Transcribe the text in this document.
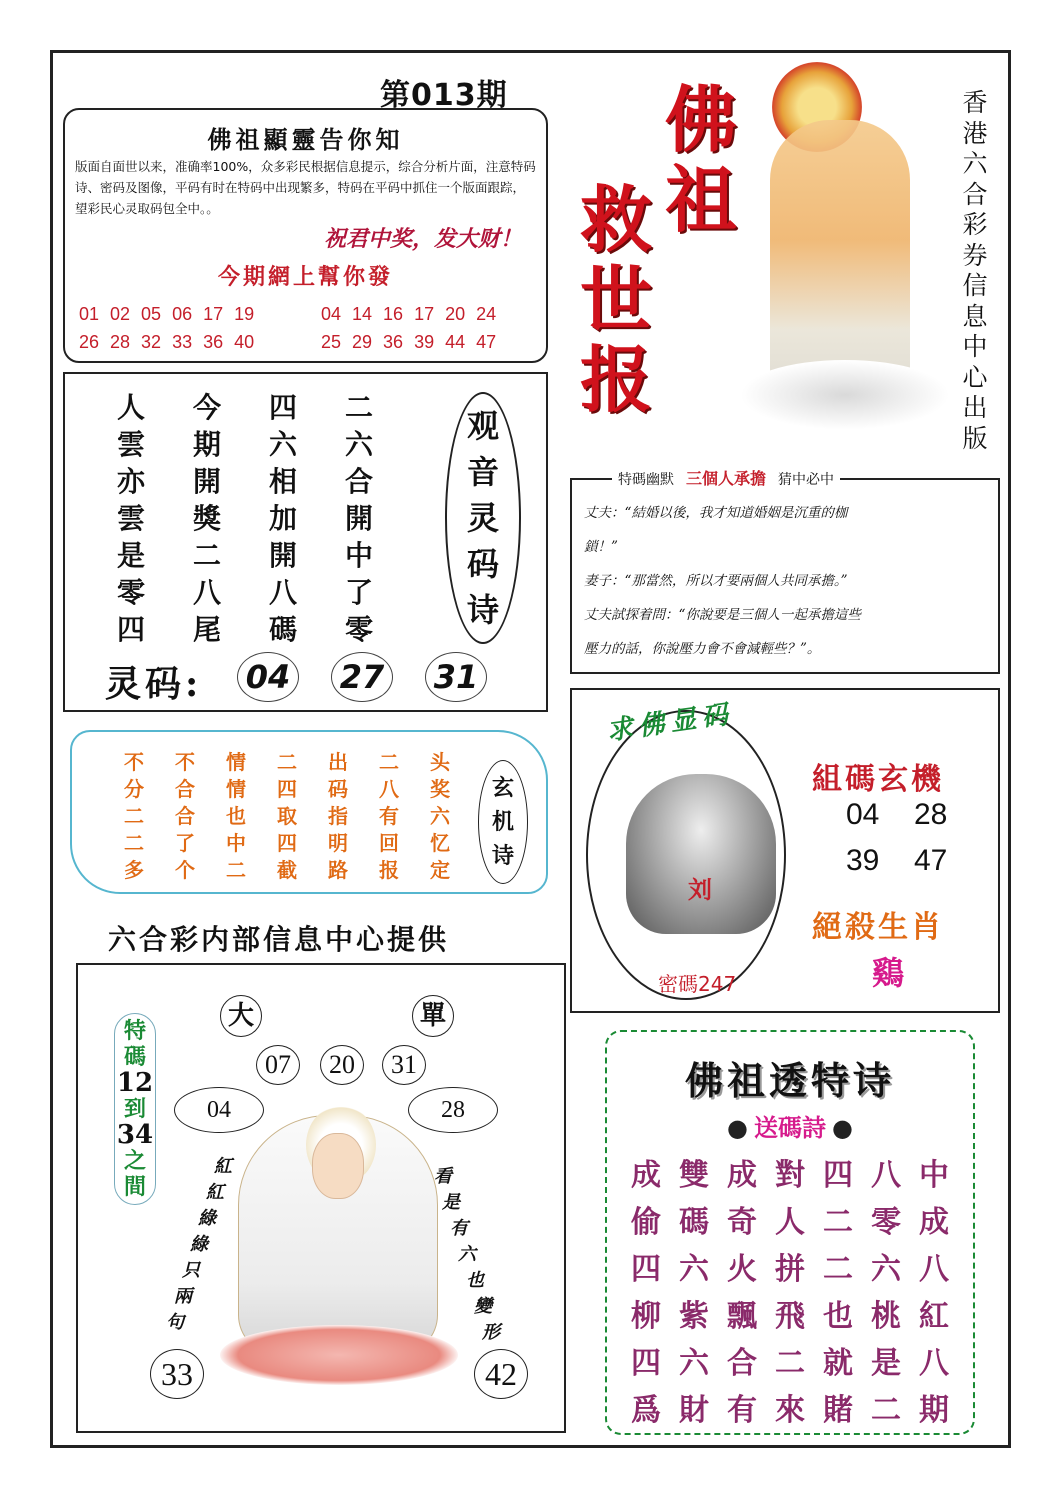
第013期
佛祖顯靈告你知
版面自面世以来，准确率100%，众多彩民根据信息提示，综合分析片面，注意特码诗、密码及图像，平码有时在特码中出现繁多，特码在平码中抓住一个版面跟踪，望彩民心灵取码包全中。。
祝君中奖，发大财！
今期網上幫你發
01 02 05 06 17 19	04 14 16 17 20 24
26 28 32 33 36 40	25 29 36 39 44 47
佛祖
救世报
香港六合彩券信息中心出版
人	今	四	二
雲	期	六	六
亦	開	相	合
雲	獎	加	開
是	二	開	中
零	八	八	了
四	尾	碼	零
观
音
灵
码
诗
灵码: 04 27 31
特碼幽默 三個人承擔 猜中必中
丈夫：“結婚以後，我才知道婚姻是沉重的枷
鎖！”
妻子：“那當然，所以才要兩個人共同承擔。”
丈夫試探着問：“你說要是三個人一起承擔這些
壓力的話，你說壓力會不會減輕些？”。
不	不	情	二	出	二	头
分	合	情	四	码	八	奖
二	合	也	取	指	有	六
二	了	中	四	明	回	忆
多	个	二	截	路	报	定
玄
机
诗
六合彩内部信息中心提供
刘
密碼247
求佛显码
組碼玄機
04 28
39 47
絕殺生肖
鷄
特
碼
12
到
34
之
間
大	單
07	20	31
04	28
紅
紅
綠
綠
只
兩
句
看
是
有
六
也
變
形
33	42
佛祖透特诗
● 送碼詩 ●
成 雙 成 對 四 八 中
偷 碼 奇 人 二 零 成
四 六 火 拼 二 六 八
柳 紫 飄 飛 也 桃 紅
四 六 合 二 就 是 八
爲 財 有 來 賭 二 期
